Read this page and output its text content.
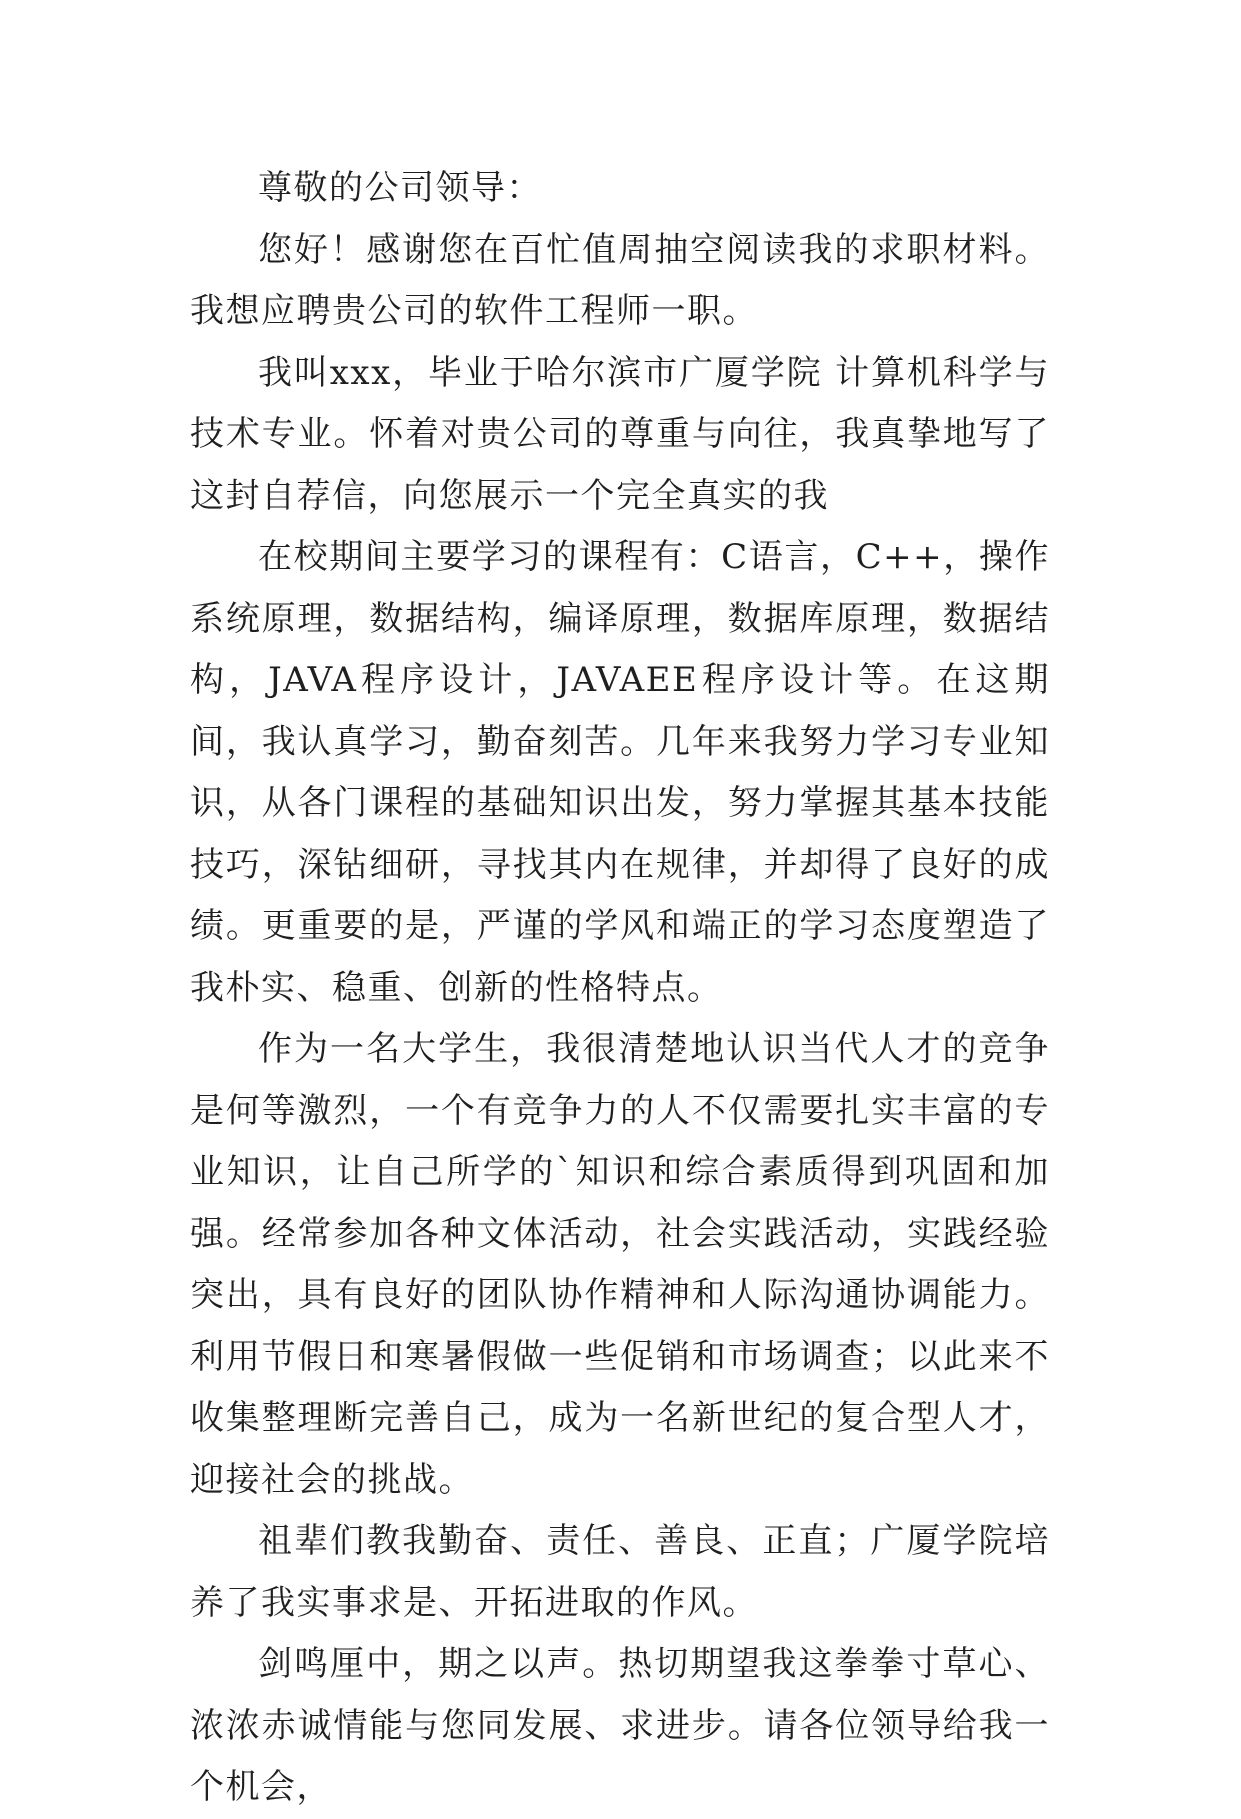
尊敬的公司领导：

您好！感谢您在百忙值周抽空阅读我的求职材料。我想应聘贵公司的软件工程师一职。

我叫xxx，毕业于哈尔滨市广厦学院 计算机科学与技术专业。怀着对贵公司的尊重与向往，我真挚地写了这封自荐信，向您展示一个完全真实的我

在校期间主要学习的课程有：C语言，C++，操作系统原理，数据结构，编译原理，数据库原理，数据结构，JAVA程序设计，JAVAEE程序设计等。在这期间，我认真学习，勤奋刻苦。几年来我努力学习专业知识，从各门课程的基础知识出发，努力掌握其基本技能技巧，深钻细研，寻找其内在规律，并却得了良好的成绩。更重要的是，严谨的学风和端正的学习态度塑造了我朴实、稳重、创新的性格特点。

作为一名大学生，我很清楚地认识当代人才的竞争是何等激烈，一个有竞争力的人不仅需要扎实丰富的专业知识，让自己所学的`知识和综合素质得到巩固和加强。经常参加各种文体活动，社会实践活动，实践经验突出，具有良好的团队协作精神和人际沟通协调能力。利用节假日和寒暑假做一些促销和市场调查；以此来不收集整理断完善自己，成为一名新世纪的复合型人才，迎接社会的挑战。

祖辈们教我勤奋、责任、善良、正直；广厦学院培养了我实事求是、开拓进取的作风。

剑鸣厘中，期之以声。热切期望我这拳拳寸草心、浓浓赤诚情能与您同发展、求进步。请各位领导给我一个机会，
